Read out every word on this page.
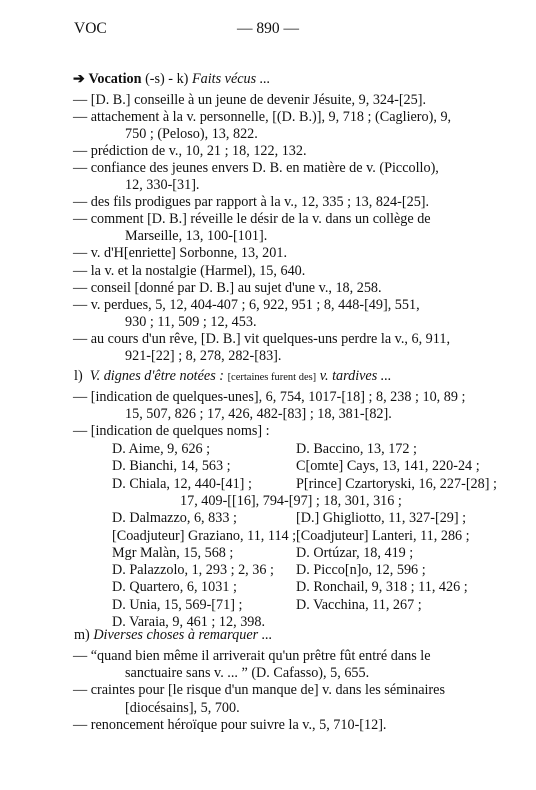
VOC	— 890 —
➔ Vocation (-s) - k) Faits vécus ...
— [D. B.] conseille à un jeune de devenir Jésuite, 9, 324-[25].
— attachement à la v. personnelle, [(D. B.)], 9, 718 ; (Cagliero), 9,
750 ; (Peloso), 13, 822.
— prédiction de v., 10, 21 ; 18, 122, 132.
— confiance des jeunes envers D. B. en matière de v. (Piccollo),
12, 330-[31].
— des fils prodigues par rapport à la v., 12, 335 ; 13, 824-[25].
— comment [D. B.] réveille le désir de la v. dans un collège de
Marseille, 13, 100-[101].
— v. d'H[enriette] Sorbonne, 13, 201.
— la v. et la nostalgie (Harmel), 15, 640.
— conseil [donné par D. B.] au sujet d'une v., 18, 258.
— v. perdues, 5, 12, 404-407 ; 6, 922, 951 ; 8, 448-[49], 551,
930 ; 11, 509 ; 12, 453.
— au cours d'un rêve, [D. B.] vit quelques-uns perdre la v., 6, 911,
921-[22] ; 8, 278, 282-[83].
l) V. dignes d'être notées : [certaines furent des] v. tardives ...
— [indication de quelques-unes], 6, 754, 1017-[18] ; 8, 238 ; 10, 89 ;
15, 507, 826 ; 17, 426, 482-[83] ; 18, 381-[82].
— [indication de quelques noms] :
D. Aime, 9, 626 ;	D. Baccino, 13, 172 ;
D. Bianchi, 14, 563 ;	C[omte] Cays, 13, 141, 220-24 ;
D. Chiala, 12, 440-[41] ;	P[rince] Czartoryski, 16, 227-[28] ;
17, 409-[[16], 794-[97] ; 18, 301, 316 ;
D. Dalmazzo, 6, 833 ;	[D.] Ghigliotto, 11, 327-[29] ;
[Coadjuteur] Graziano, 11, 114 ; [Coadjuteur] Lanteri, 11, 286 ;
Mgr Malàn, 15, 568 ;	D. Ortúzar, 18, 419 ;
D. Palazzolo, 1, 293 ; 2, 36 ; D. Picco[n]o, 12, 596 ;
D. Quartero, 6, 1031 ;	D. Ronchail, 9, 318 ; 11, 426 ;
D. Unia, 15, 569-[71] ;	D. Vacchina, 11, 267 ;
D. Varaia, 9, 461 ; 12, 398.
m) Diverses choses à remarquer ...
— “quand bien même il arriverait qu'un prêtre fût entré dans le
sanctuaire sans v. ... ” (D. Cafasso), 5, 655.
— craintes pour [le risque d'un manque de] v. dans les séminaires
[diocésains], 5, 700.
— renoncement héroïque pour suivre la v., 5, 710-[12].
